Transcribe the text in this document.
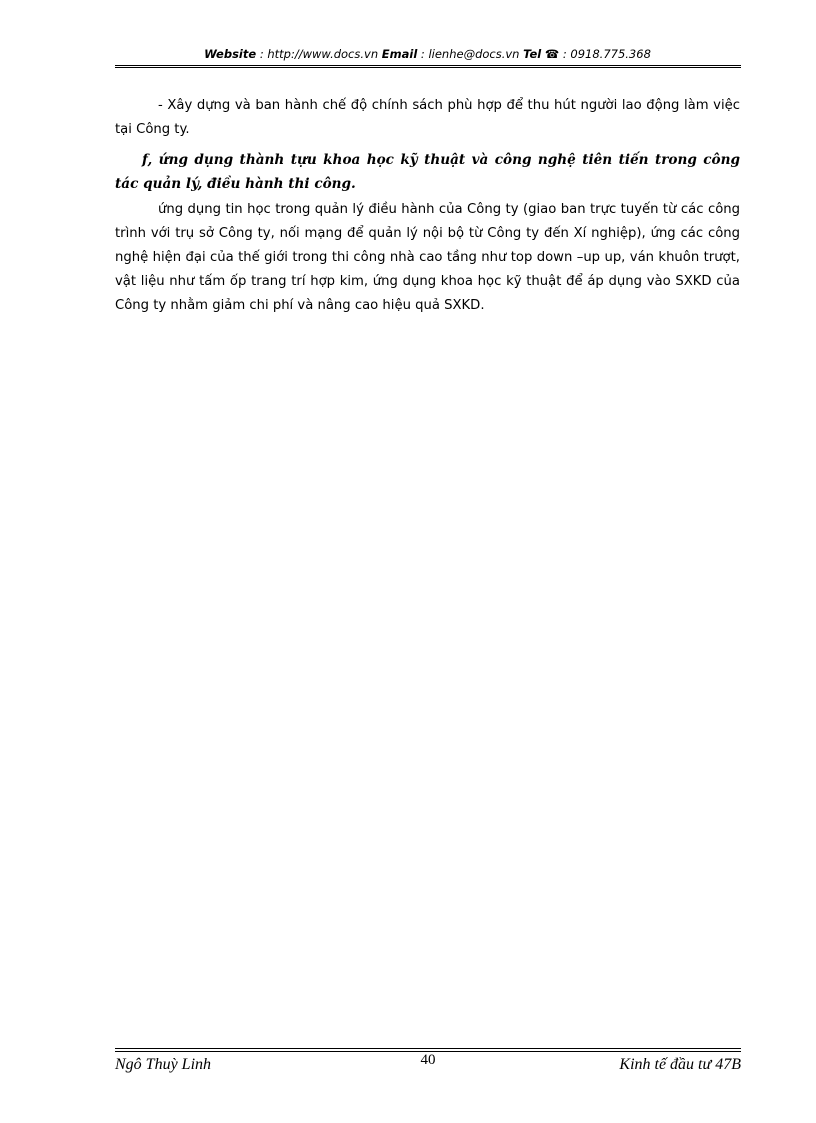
Website : http://www.docs.vn Email : lienhe@docs.vn Tel ☎ : 0918.775.368

- Xây dựng và ban hành chế độ chính sách phù hợp để thu hút người lao động làm việc tại Công ty.

f, ứng dụng thành tựu khoa học kỹ thuật và công nghệ tiên tiến trong công tác quản lý, điều hành thi công.

ứng dụng tin học trong quản lý điều hành của Công ty (giao ban trực tuyến từ các công trình với trụ sở Công ty, nối mạng để quản lý nội bộ từ Công ty đến Xí nghiệp), ứng các công nghệ hiện đại của thế giới trong thi công nhà cao tầng như top down –up up, ván khuôn trượt, vật liệu như tấm ốp trang trí hợp kim, ứng dụng khoa học kỹ thuật để áp dụng vào SXKD của Công ty nhằm giảm chi phí và nâng cao hiệu quả SXKD.

Ngô Thuỳ Linh	40	Kinh tế đầu tư 47B
